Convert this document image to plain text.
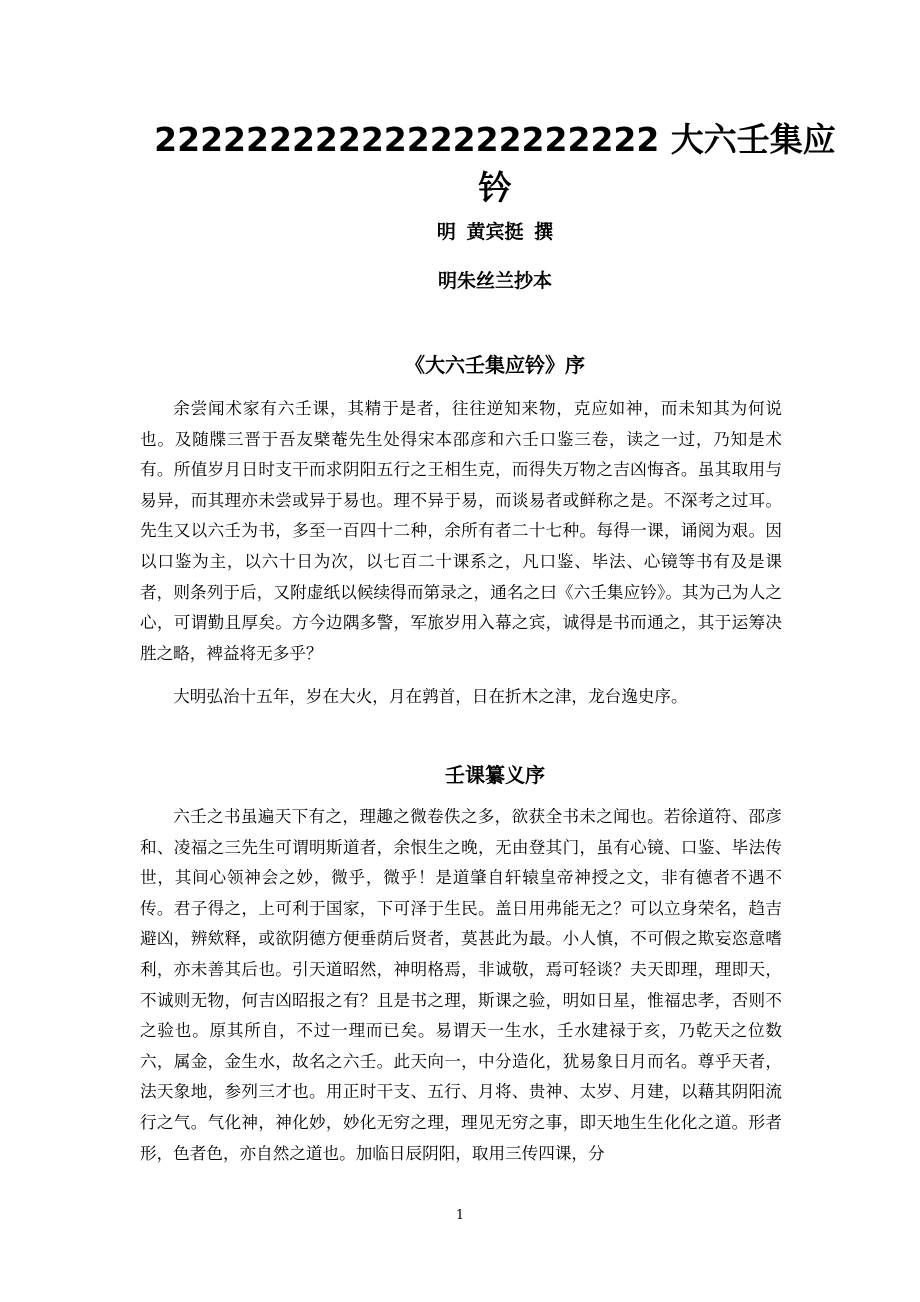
2222222222222222222222 大六壬集应钤

明 黄宾挺 撰

明朱丝兰抄本

《大六壬集应钤》序

余尝闻术家有六壬课，其精于是者，往往逆知来物，克应如神，而未知其为何说也。及随牒三晋于吾友檗菴先生处得宋本邵彦和六壬口鉴三卷，读之一过，乃知是术有。所值岁月日时支干而求阴阳五行之王相生克，而得失万物之吉凶悔吝。虽其取用与易异，而其理亦未尝或异于易也。理不异于易，而谈易者或鲜称之是。不深考之过耳。先生又以六壬为书，多至一百四十二种，余所有者二十七种。每得一课，诵阅为艰。因以口鉴为主，以六十日为次，以七百二十课系之，凡口鉴、毕法、心镜等书有及是课者，则条列于后，又附虚纸以候续得而第录之，通名之曰《六壬集应钤》。其为己为人之心，可谓勤且厚矣。方今边隅多警，军旅岁用入幕之宾，诚得是书而通之，其于运筹决胜之略，裨益将无多乎？

大明弘治十五年，岁在大火，月在鹑首，日在折木之津，龙台逸史序。

壬课纂义序

六壬之书虽遍天下有之，理趣之微卷佚之多，欲获全书未之闻也。若徐道符、邵彦和、凌福之三先生可谓明斯道者，余恨生之晚，无由登其门，虽有心镜、口鉴、毕法传世，其间心领神会之妙，微乎，微乎！是道肇自轩辕皇帝神授之文，非有德者不遇不传。君子得之，上可利于国家，下可泽于生民。盖日用弗能无之？可以立身荣名，趋吉避凶，辨欸释，或欲阴德方便垂荫后贤者，莫甚此为最。小人慎，不可假之欺妄恣意嗜利，亦未善其后也。引天道昭然，神明格焉，非诚敬，焉可轻谈？夫天即理，理即天，不诚则无物，何吉凶昭报之有？且是书之理，斯课之验，明如日星，惟福忠孝，否则不之验也。原其所自，不过一理而已矣。易谓天一生水，壬水建禄于亥，乃乾天之位数六，属金，金生水，故名之六壬。此天向一，中分造化，犹易象日月而名。尊乎天者，法天象地，参列三才也。用正时干支、五行、月将、贵神、太岁、月建，以藉其阴阳流行之气。气化神，神化妙，妙化无穷之理，理见无穷之事，即天地生生化化之道。形者形，色者色，亦自然之道也。加临日辰阴阳，取用三传四课，分

1
